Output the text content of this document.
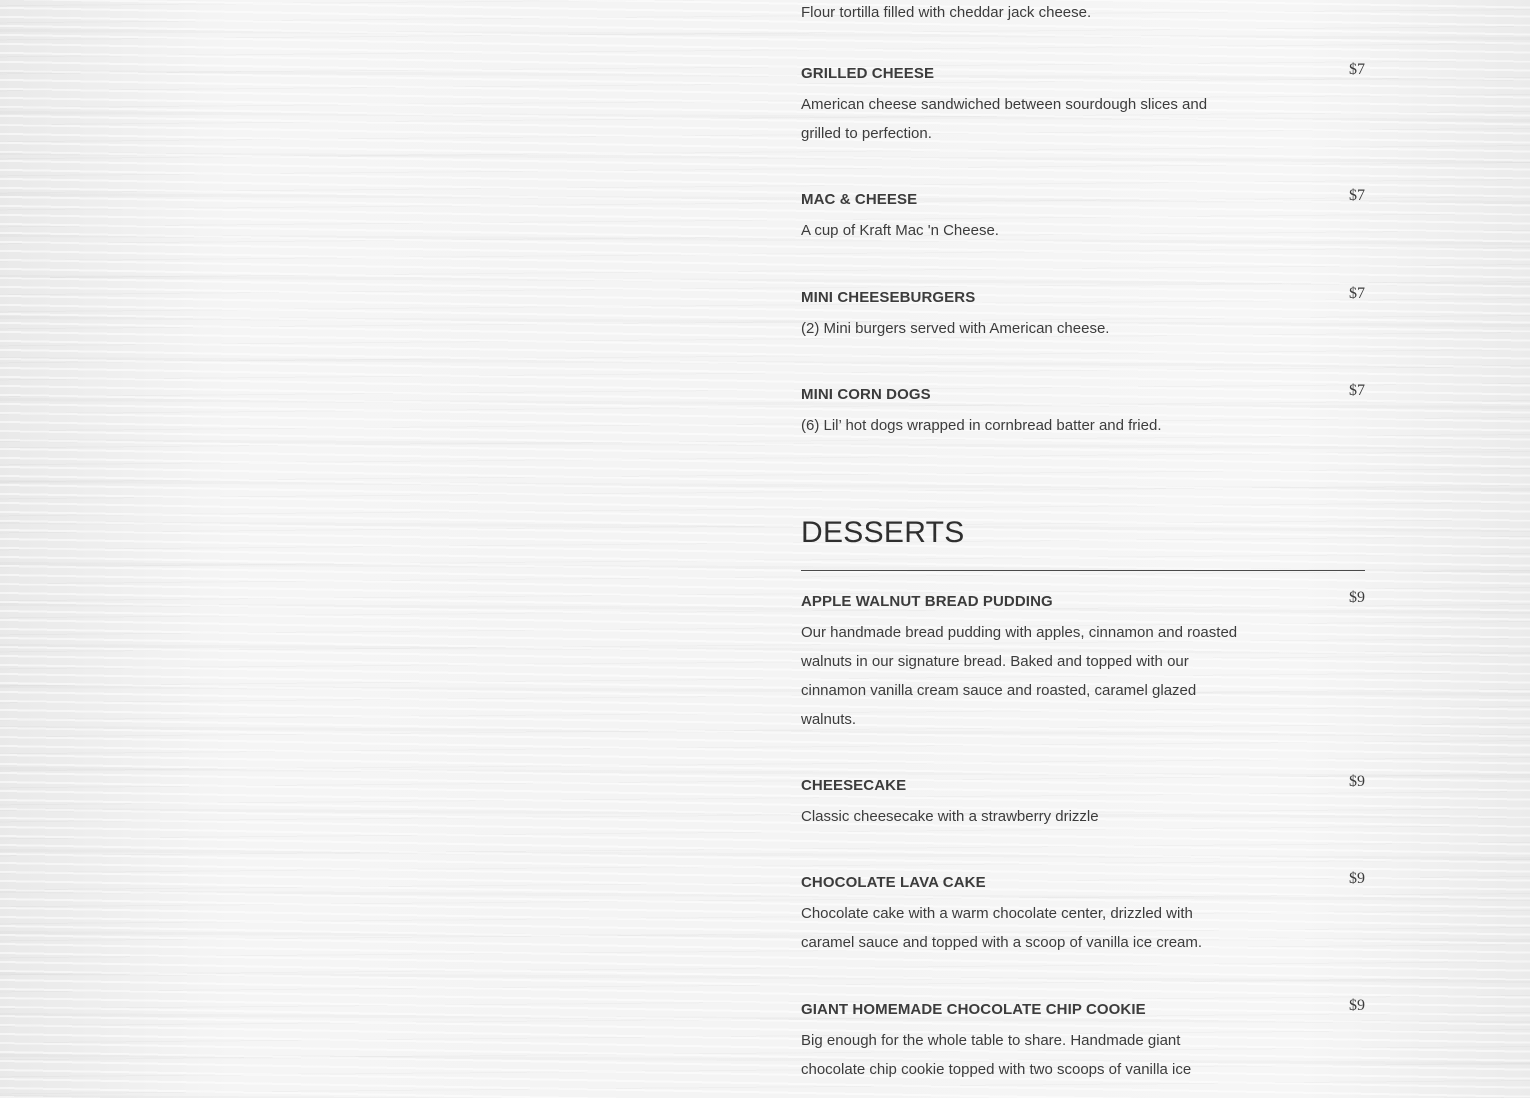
Flour tortilla filled with cheddar jack cheese.
GRILLED CHEESE	$7
American cheese sandwiched between sourdough slices and grilled to perfection.
MAC & CHEESE	$7
A cup of Kraft Mac 'n Cheese.
MINI CHEESEBURGERS	$7
(2) Mini burgers served with American cheese.
MINI CORN DOGS	$7
(6) Lil’ hot dogs wrapped in cornbread batter and fried.
DESSERTS
APPLE WALNUT BREAD PUDDING	$9
Our handmade bread pudding with apples, cinnamon and roasted walnuts in our signature bread. Baked and topped with our cinnamon vanilla cream sauce and roasted, caramel glazed walnuts.
CHEESECAKE	$9
Classic cheesecake with a strawberry drizzle
CHOCOLATE LAVA CAKE	$9
Chocolate cake with a warm chocolate center, drizzled with caramel sauce and topped with a scoop of vanilla ice cream.
GIANT HOMEMADE CHOCOLATE CHIP COOKIE	$9
Big enough for the whole table to share. Handmade giant chocolate chip cookie topped with two scoops of vanilla ice
